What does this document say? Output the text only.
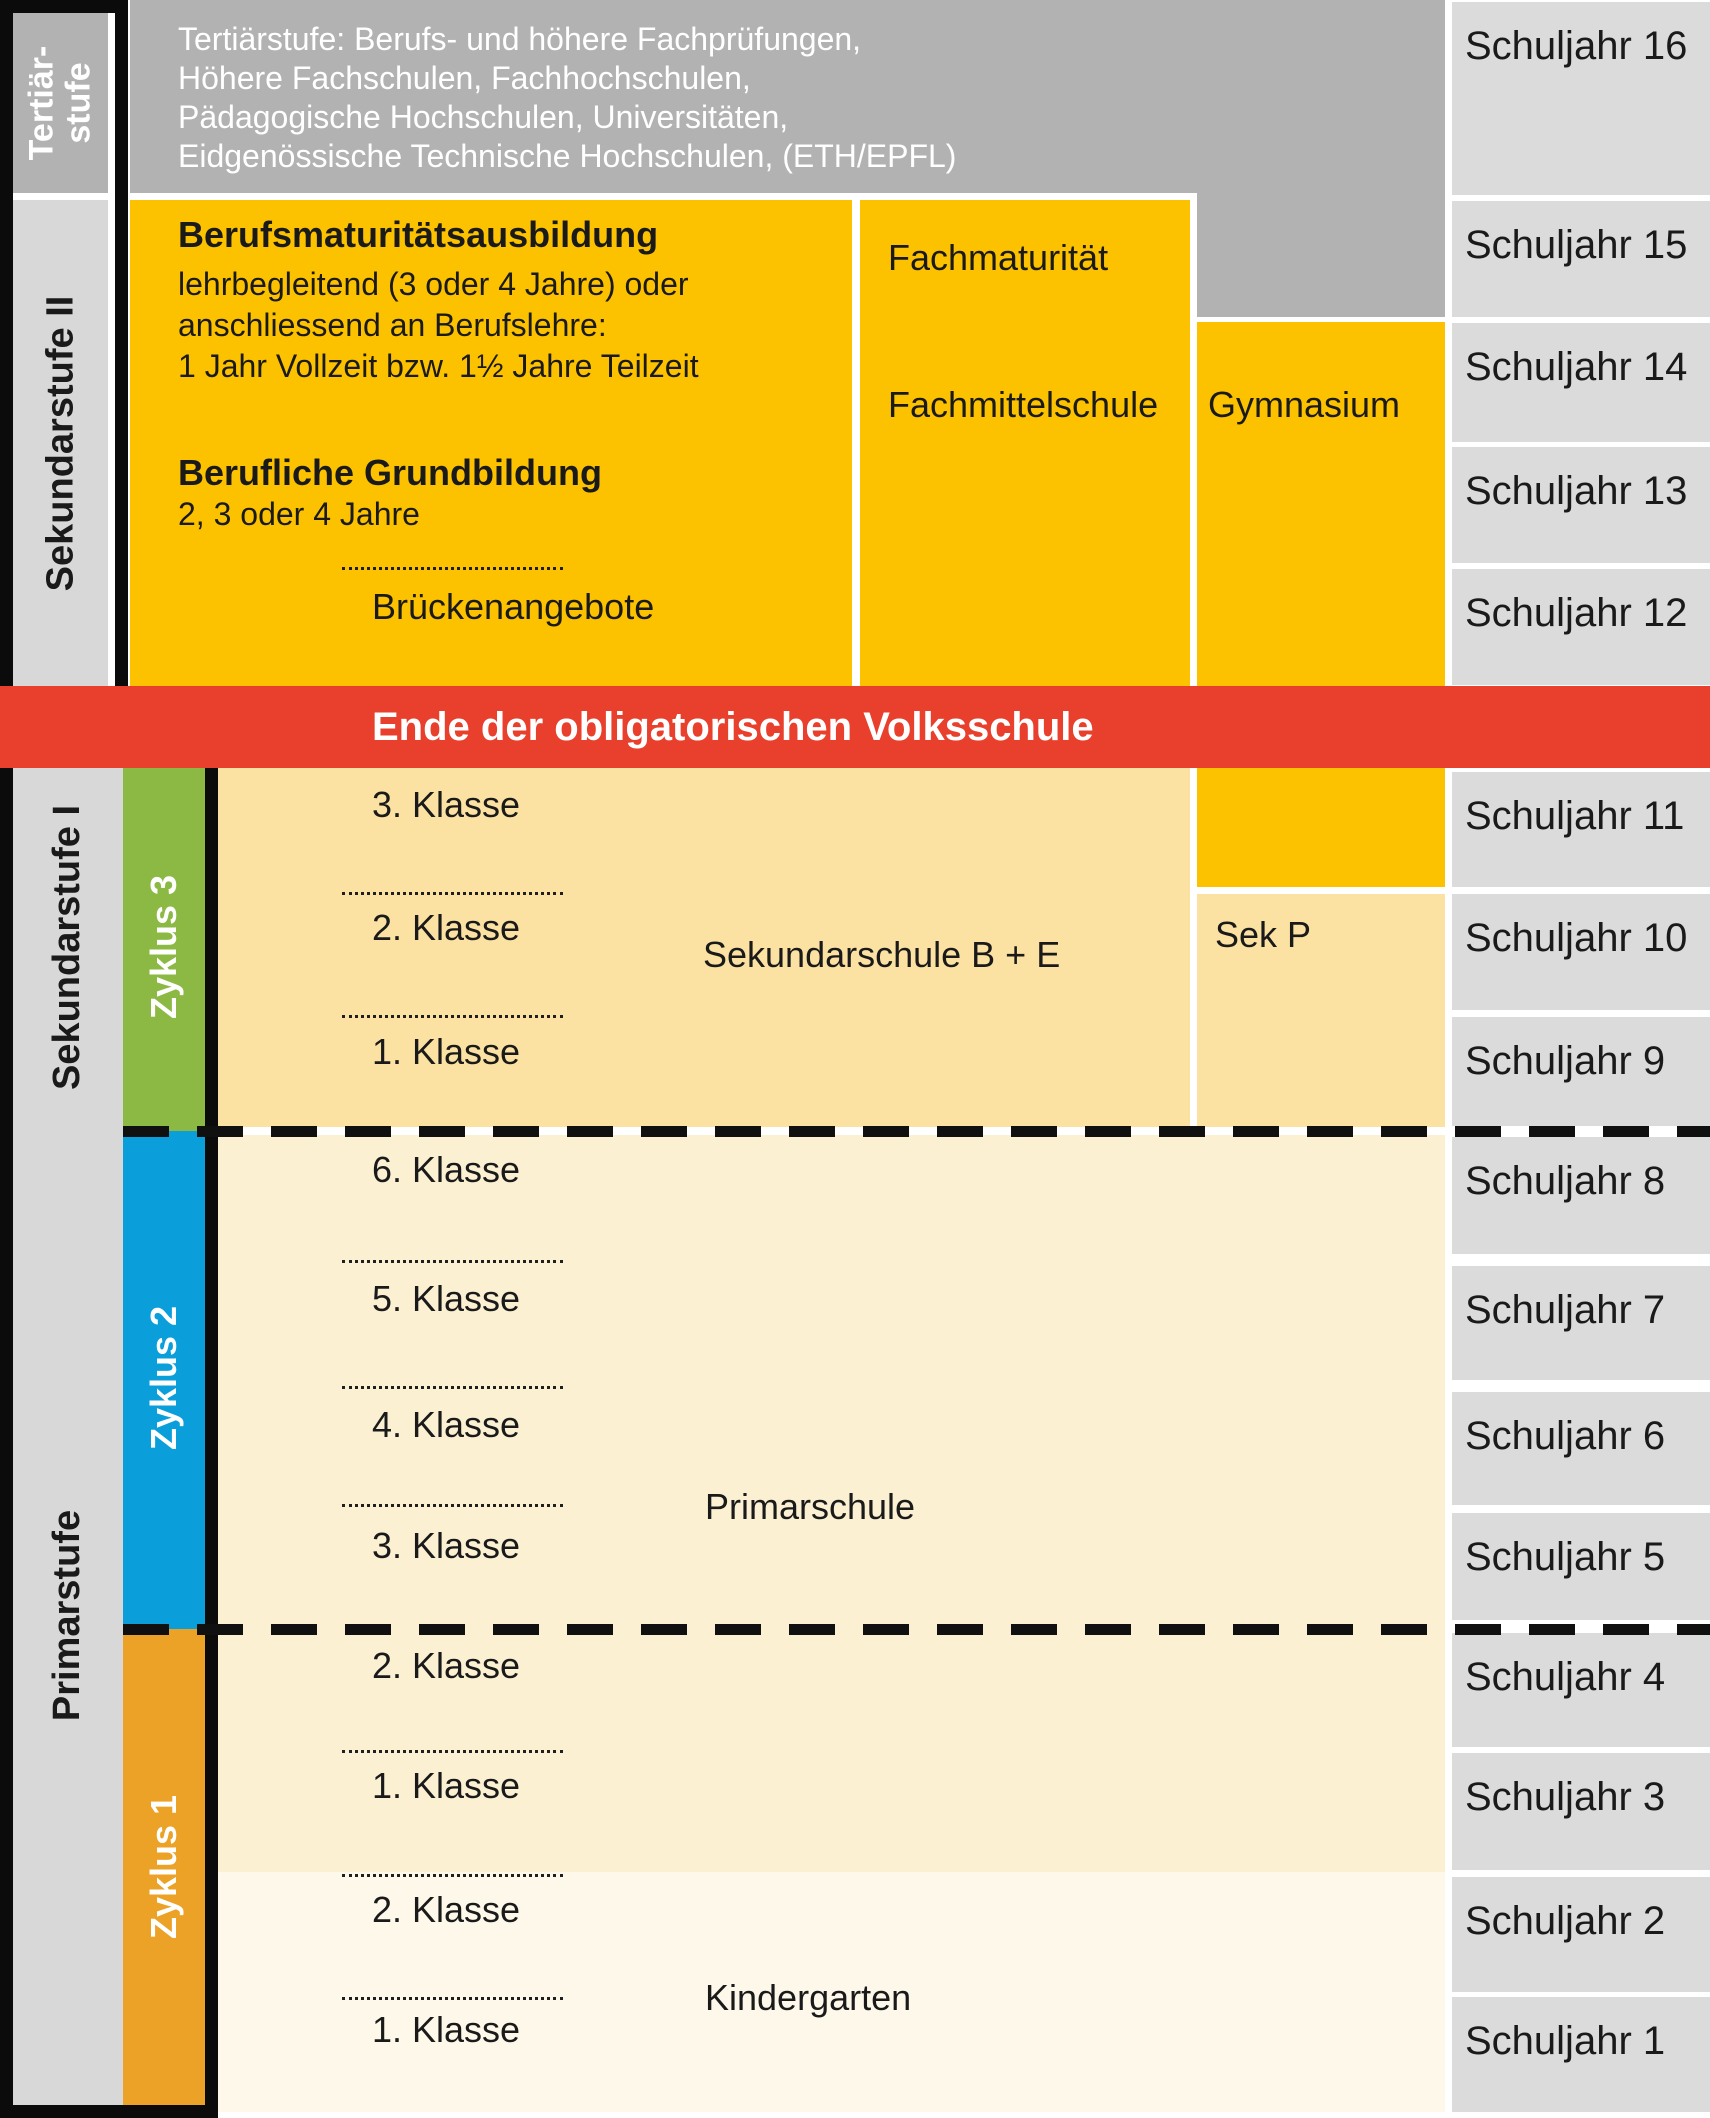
Tertiär- stufe
Sekundarstufe II
Sekundarstufe I
Primarstufe
Zyklus 3
Zyklus 2
Zyklus 1
Tertiärstufe: Berufs- und höhere Fachprüfungen,
Höhere Fachschulen, Fachhochschulen,
Pädagogische Hochschulen, Universitäten,
Eidgenössische Technische Hochschulen, (ETH/EPFL)
Berufsmaturitätsausbildung
lehrbegleitend (3 oder 4 Jahre) oder
anschliessend an Berufslehre:
1 Jahr Vollzeit bzw. 1½ Jahre Teilzeit
Berufliche Grundbildung
2, 3 oder 4 Jahre
Brückenangebote
Fachmaturität
Fachmittelschule Gymnasium
Ende der obligatorischen Volksschule
3. Klasse
2. Klasse
1. Klasse
Sekundarschule B + E	Sek P
6. Klasse
5. Klasse
4. Klasse
3. Klasse
Primarschule
2. Klasse
1. Klasse
2. Klasse
1. Klasse
Kindergarten
Schuljahr 16
Schuljahr 15
Schuljahr 14
Schuljahr 13
Schuljahr 12
Schuljahr 11
Schuljahr 10
Schuljahr 9
Schuljahr 8
Schuljahr 7
Schuljahr 6
Schuljahr 5
Schuljahr 4
Schuljahr 3
Schuljahr 2
Schuljahr 1
